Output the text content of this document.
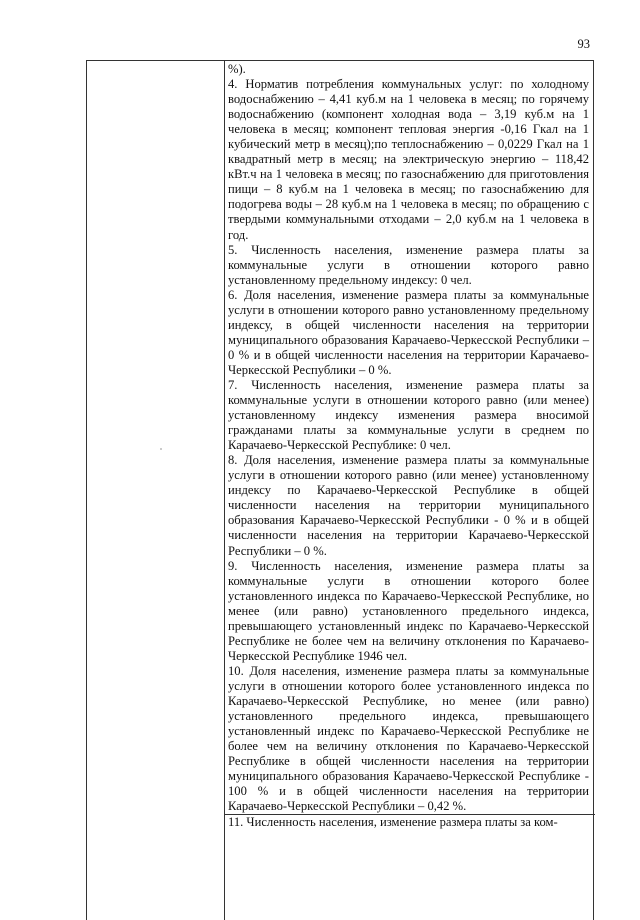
93

%).

4. Норматив потребления коммунальных услуг: по холодному водоснабжению – 4,41 куб.м на 1 человека в месяц; по горячему водоснабжению (компонент холодная вода – 3,19 куб.м на 1 человека в месяц; компонент тепловая энергия -0,16 Гкал на 1 кубический метр в месяц);по теплоснабжению – 0,0229 Гкал на 1 квадратный метр в месяц; на электрическую энергию – 118,42 кВт.ч на 1 человека в месяц; по газоснабжению для приготовления пищи – 8 куб.м на 1 человека в месяц; по газоснабжению для подогрева воды – 28 куб.м на 1 человека в месяц; по обращению с твердыми коммунальными отходами – 2,0 куб.м на 1 человека в год.

5. Численность населения, изменение размера платы за коммунальные услуги в отношении которого равно установленному предельному индексу: 0 чел.

6. Доля населения, изменение размера платы за коммунальные услуги в отношении которого равно установленному предельному индексу, в общей численности населения на территории муниципального образования Карачаево-Черкесской Республики – 0 % и в общей численности населения на территории Карачаево-Черкесской Республики – 0 %.

7. Численность населения, изменение размера платы за коммунальные услуги в отношении которого равно (или менее) установленному индексу изменения размера вносимой гражданами платы за коммунальные услуги в среднем по Карачаево-Черкесской Республике: 0 чел.

8. Доля населения, изменение размера платы за коммунальные услуги в отношении которого равно (или менее) установленному индексу по Карачаево-Черкесской Республике в общей численности населения на территории муниципального образования Карачаево-Черкесской Республики - 0 % и в общей численности населения на территории Карачаево-Черкесской Республики – 0 %.

9. Численность населения, изменение размера платы за коммунальные услуги в отношении которого более установленного индекса по Карачаево-Черкесской Республике, но менее (или равно) установленного предельного индекса, превышающего установленный индекс по Карачаево-Черкесской Республике не более чем на величину отклонения по Карачаево-Черкесской Республике 1946 чел.

10. Доля населения, изменение размера платы за коммунальные услуги в отношении которого более установленного индекса по Карачаево-Черкесской Республике, но менее (или равно) установленного предельного индекса, превышающего установленный индекс по Карачаево-Черкесской Республике не более чем на величину отклонения по Карачаево-Черкесской Республике в общей численности населения на территории муниципального образования Карачаево-Черкесской Республике - 100 % и в общей численности населения на территории Карачаево-Черкесской Республики – 0,42 %.

11. Численность населения, изменение размера платы за ком-
